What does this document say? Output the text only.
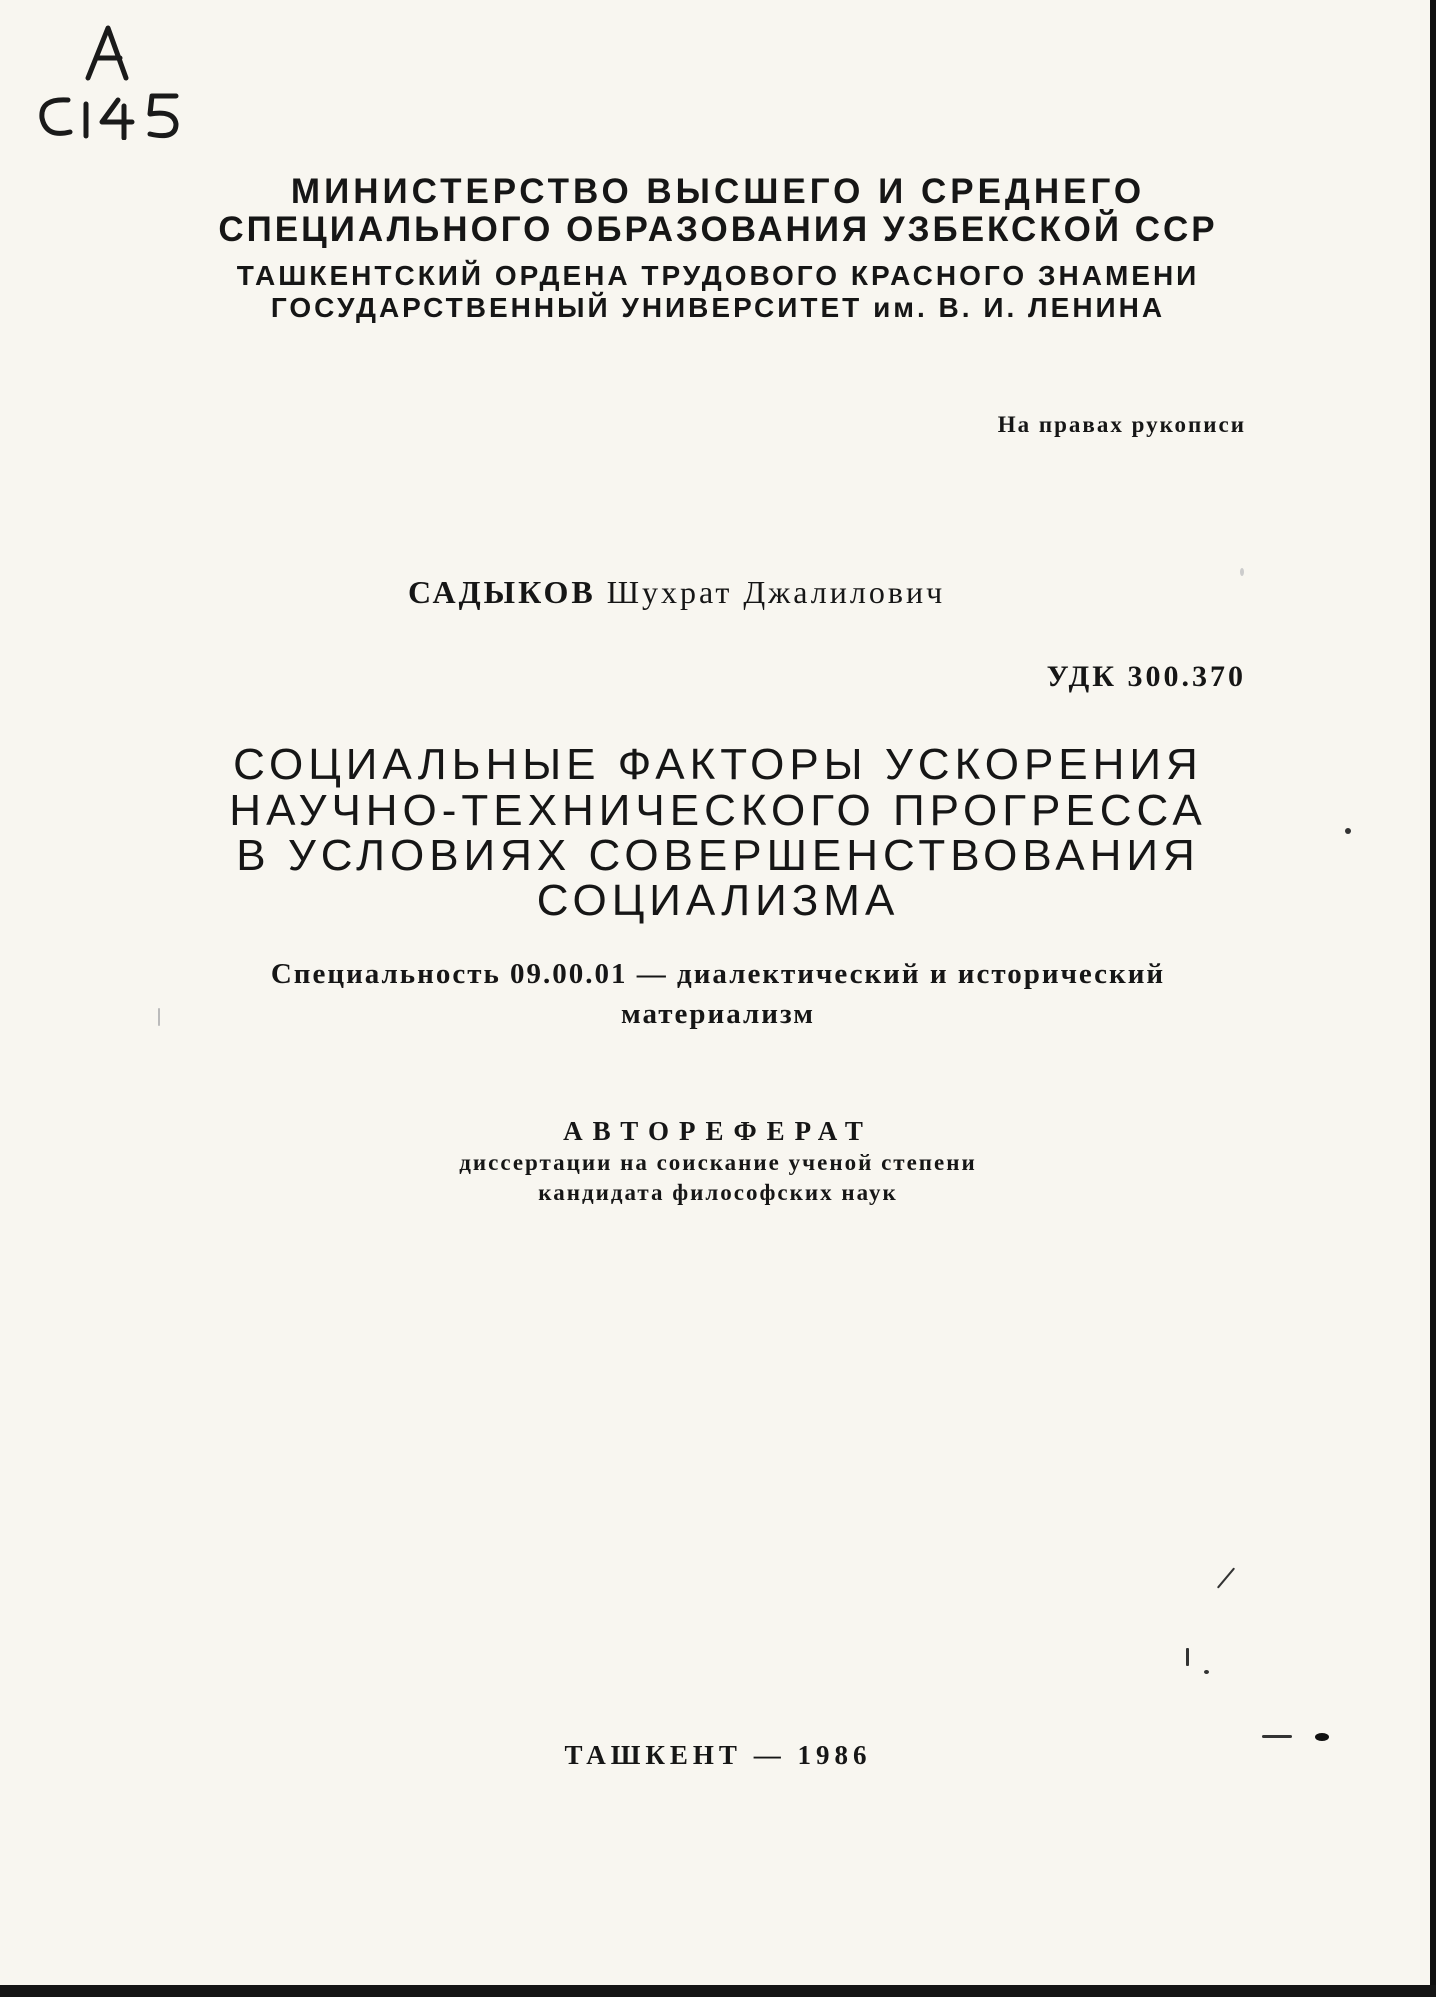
МИНИСТЕРСТВО ВЫСШЕГО И СРЕДНЕГО
СПЕЦИАЛЬНОГО ОБРАЗОВАНИЯ УЗБЕКСКОЙ ССР
ТАШКЕНТСКИЙ ОРДЕНА ТРУДОВОГО КРАСНОГО ЗНАМЕНИ
ГОСУДАРСТВЕННЫЙ УНИВЕРСИТЕТ им. В. И. ЛЕНИНА
На правах рукописи
САДЫКОВ Шухрат Джалилович
УДК 300.370
СОЦИАЛЬНЫЕ ФАКТОРЫ УСКОРЕНИЯ
НАУЧНО-ТЕХНИЧЕСКОГО ПРОГРЕССА
В УСЛОВИЯХ СОВЕРШЕНСТВОВАНИЯ
СОЦИАЛИЗМА
Специальность 09.00.01 — диалектический и исторический
материализм
АВТОРЕФЕРАТ
диссертации на соискание ученой степени
кандидата философских наук
ТАШКЕНТ — 1986
